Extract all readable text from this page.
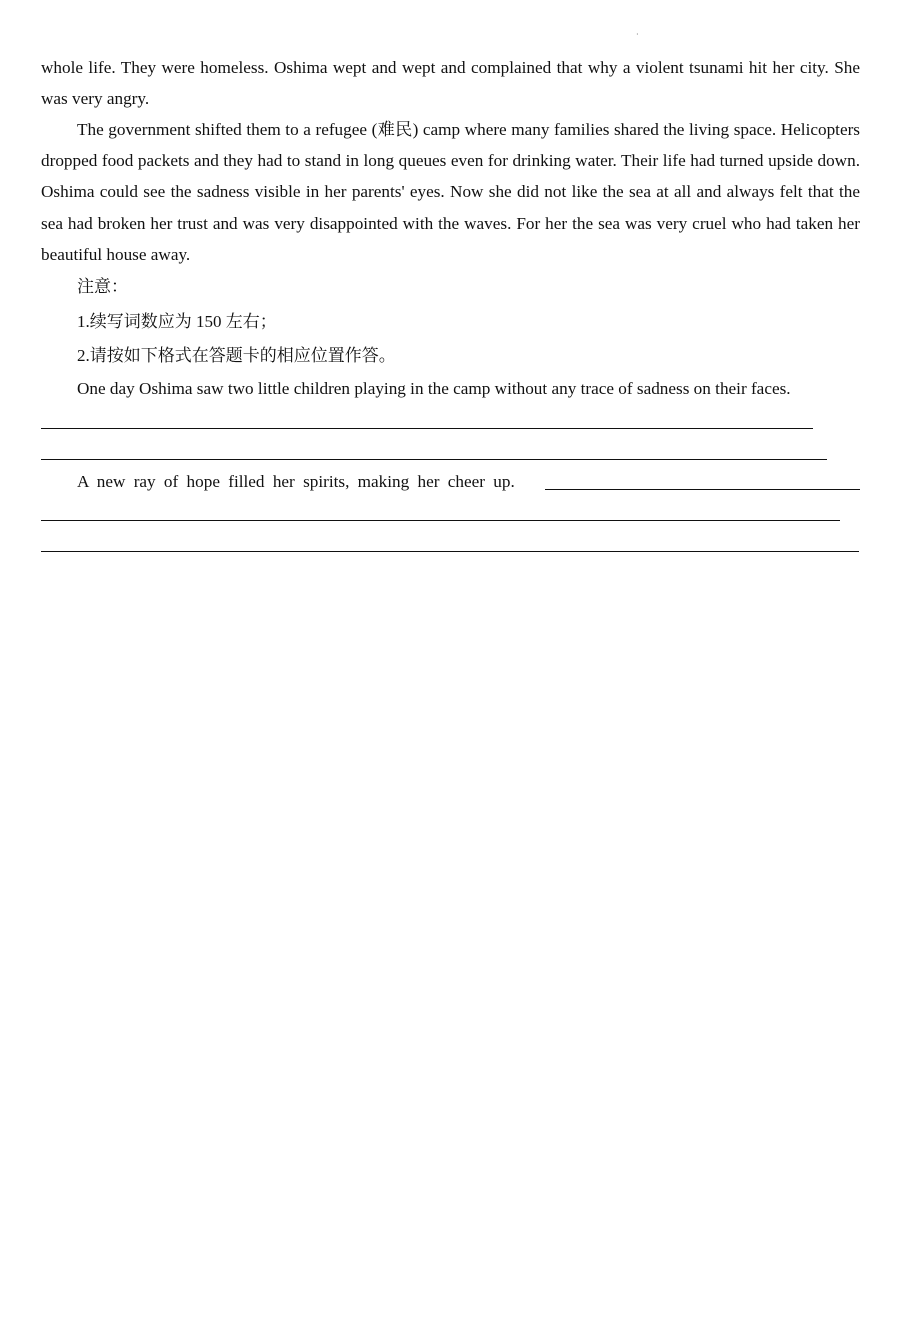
·

whole life. They were homeless. Oshima wept and wept and complained that why a violent tsunami hit her city. She was very angry.

The government shifted them to a refugee (难民) camp where many families shared the living space. Helicopters dropped food packets and they had to stand in long queues even for drinking water. Their life had turned upside down. Oshima could see the sadness visible in her parents' eyes. Now she did not like the sea at all and always felt that the sea had broken her trust and was very disappointed with the waves. For her the sea was very cruel who had taken her beautiful house away.

注意：
1.续写词数应为 150 左右；
2.请按如下格式在答题卡的相应位置作答。
One day Oshima saw two little children playing in the camp without any trace of sadness on their faces.
A new ray of hope filled her spirits, making her cheer up.
